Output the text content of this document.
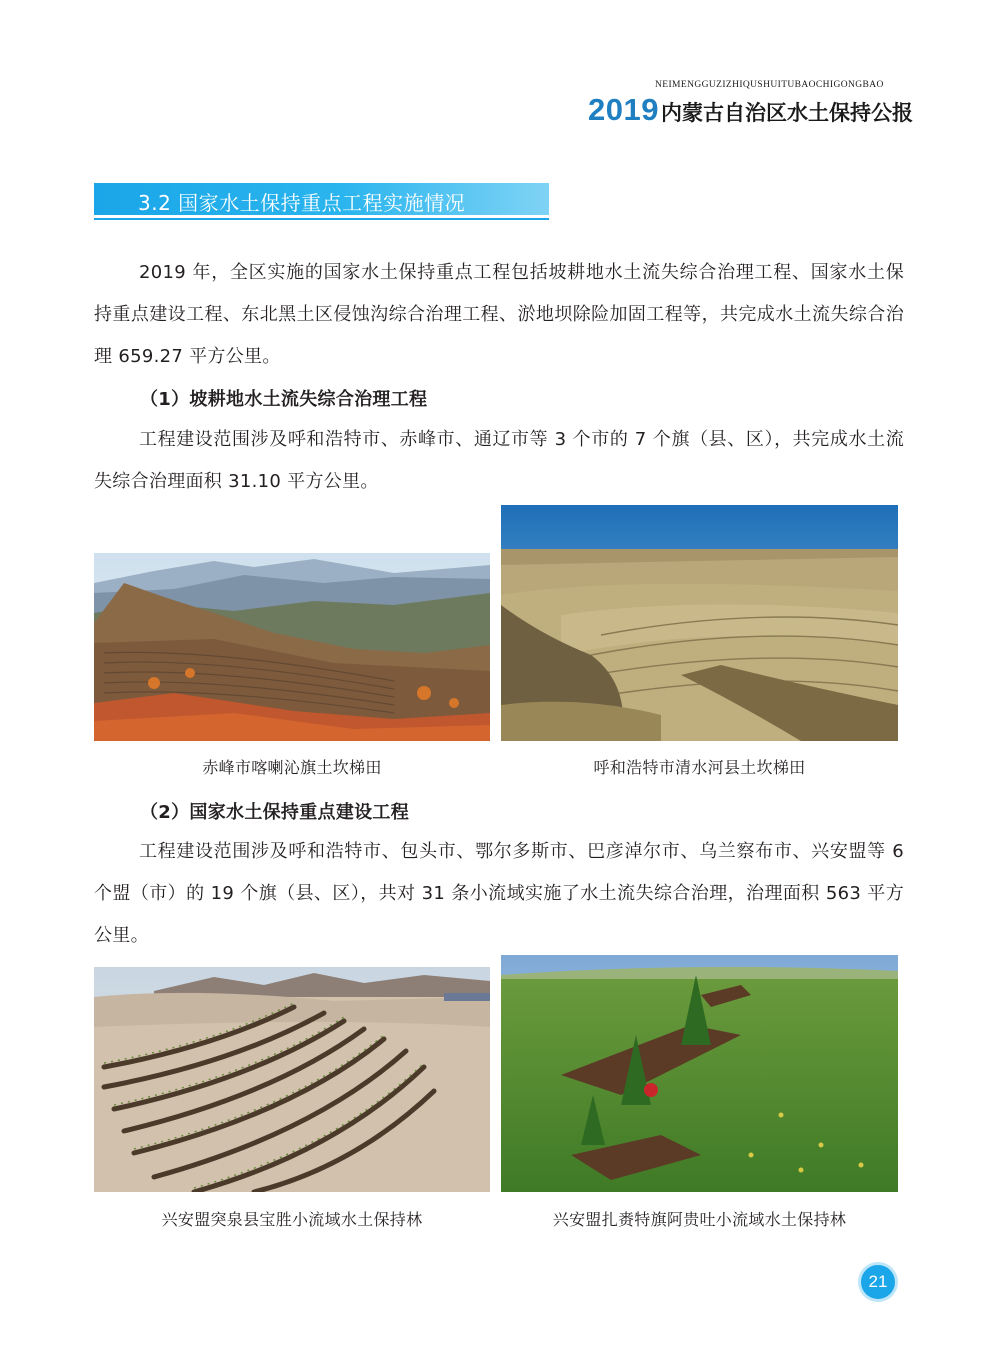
NEIMENGGUZIZHIQUSHUITUBAOCHIGONGBAO
2019内蒙古自治区水土保持公报
3.2 国家水土保持重点工程实施情况

2019 年，全区实施的国家水土保持重点工程包括坡耕地水土流失综合治理工程、国家水土保持重点建设工程、东北黑土区侵蚀沟综合治理工程、淤地坝除险加固工程等，共完成水土流失综合治理 659.27 平方公里。

（1）坡耕地水土流失综合治理工程

工程建设范围涉及呼和浩特市、赤峰市、通辽市等 3 个市的 7 个旗（县、区），共完成水土流失综合治理面积 31.10 平方公里。

赤峰市喀喇沁旗土坎梯田	呼和浩特市清水河县土坎梯田
（2）国家水土保持重点建设工程

工程建设范围涉及呼和浩特市、包头市、鄂尔多斯市、巴彦淖尔市、乌兰察布市、兴安盟等 6 个盟（市）的 19 个旗（县、区），共对 31 条小流域实施了水土流失综合治理，治理面积 563 平方公里。

兴安盟突泉县宝胜小流域水土保持林	兴安盟扎赉特旗阿贵吐小流域水土保持林
21
